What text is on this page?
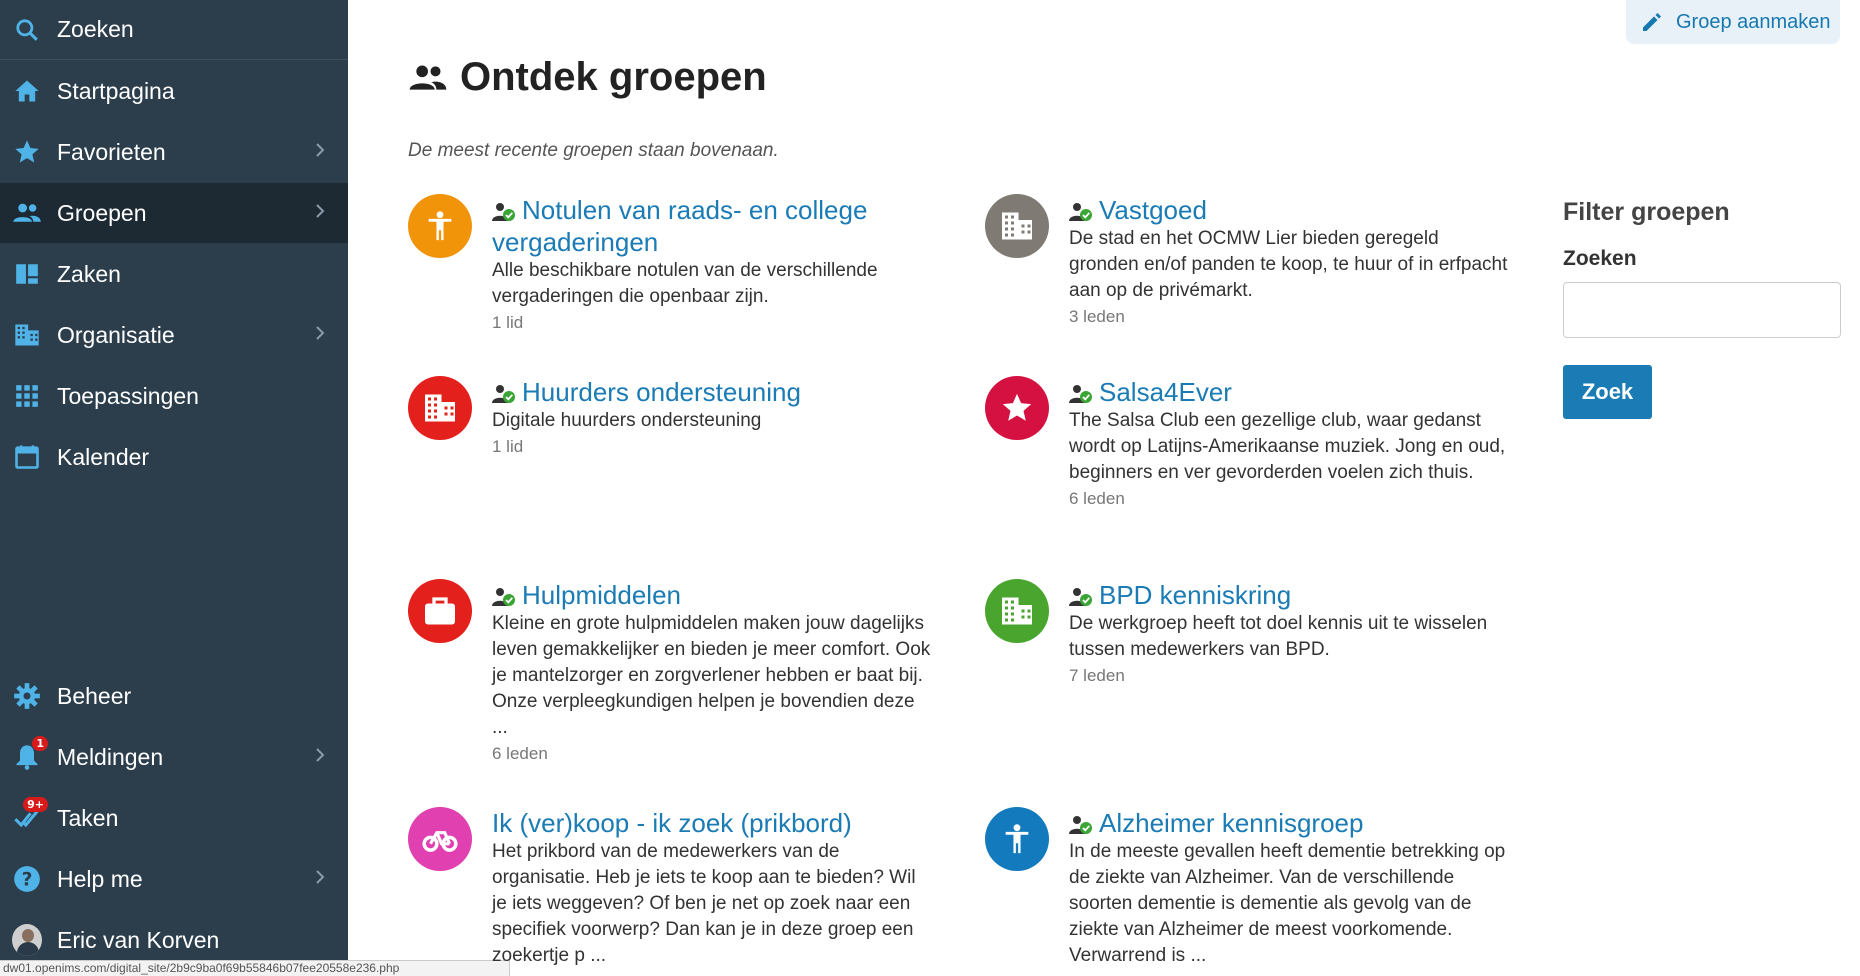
Zoeken
Startpagina
Favorieten
Groepen
Zaken
Organisatie
Toepassingen
Kalender
Beheer
1 Meldingen
9+ Taken
? Help me
Eric van Korven
dw01.openims.com/digital_site/2b9c9ba0f69b55846b07fee20558e236.php
Groep aanmaken
Ontdek groepen
De meest recente groepen staan bovenaan.
Notulen van raads- en college vergaderingen
Alle beschikbare notulen van de verschillende vergaderingen die openbaar zijn.
1 lid
Vastgoed
De stad en het OCMW Lier bieden geregeld gronden en/of panden te koop, te huur of in erfpacht aan op de privémarkt.
3 leden
Huurders ondersteuning
Digitale huurders ondersteuning
1 lid
Salsa4Ever
The Salsa Club een gezellige club, waar gedanst wordt op Latijns-Amerikaanse muziek. Jong en oud, beginners en ver gevorderden voelen zich thuis.
6 leden
Hulpmiddelen
Kleine en grote hulpmiddelen maken jouw dagelijks leven gemakkelijker en bieden je meer comfort. Ook je mantelzorger en zorgverlener hebben er baat bij. Onze verpleegkundigen helpen je bovendien deze ...
6 leden
BPD kenniskring
De werkgroep heeft tot doel kennis uit te wisselen tussen medewerkers van BPD.
7 leden
Ik (ver)koop - ik zoek (prikbord)
Het prikbord van de medewerkers van de organisatie. Heb je iets te koop aan te bieden? Wil je iets weggeven? Of ben je net op zoek naar een specifiek voorwerp? Dan kan je in deze groep een zoekertje p ...
Alzheimer kennisgroep
In de meeste gevallen heeft dementie betrekking op de ziekte van Alzheimer. Van de verschillende soorten dementie is dementie als gevolg van de ziekte van Alzheimer de meest voorkomende. Verwarrend is ...
Filter groepen
Zoeken
Zoek
